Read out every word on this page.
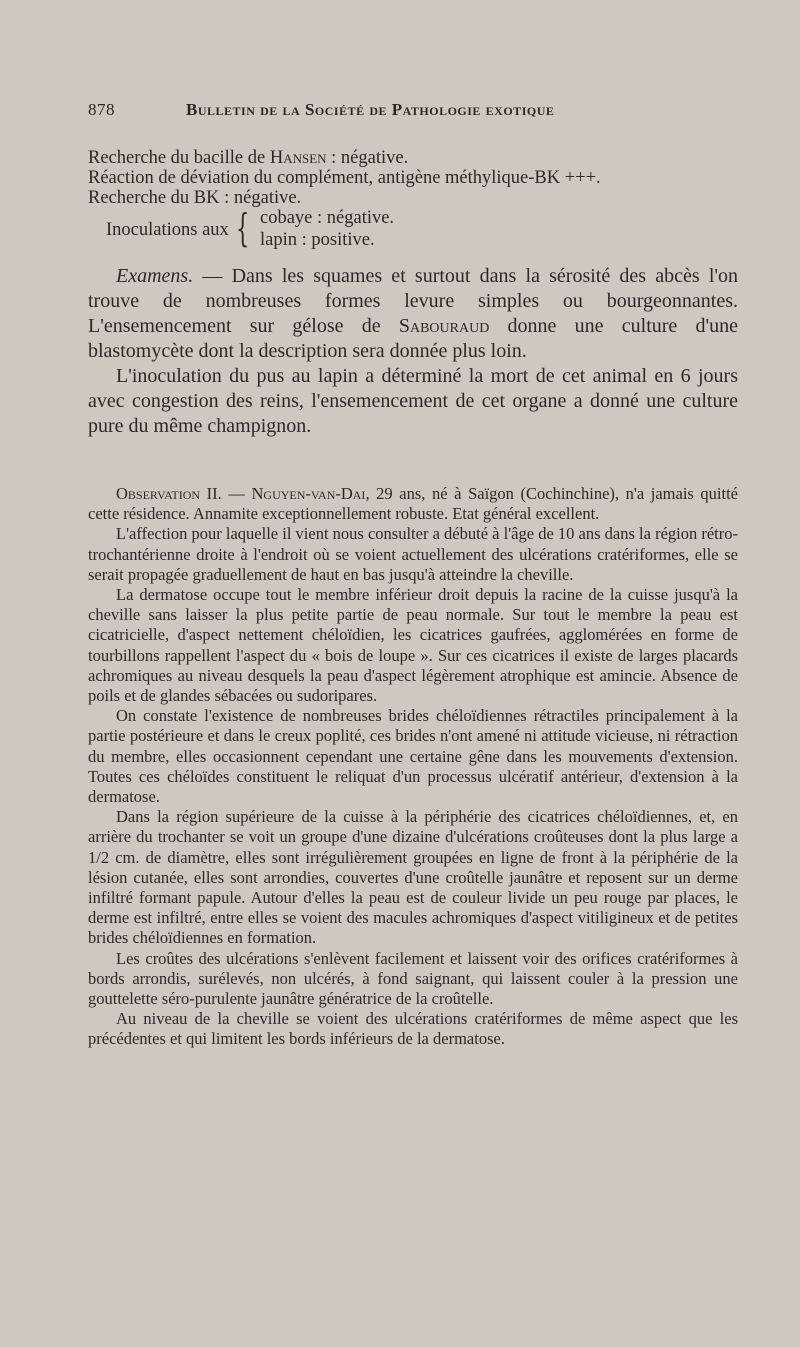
878	Bulletin de la Société de Pathologie exotique

Recherche du bacille de Hansen : négative.

Réaction de déviation du complément, antigène méthylique-BK +++.

Recherche du BK : négative.

Inoculations aux { cobaye : négative.
lapin : positive.

Examens. — Dans les squames et surtout dans la sérosité des abcès l'on trouve de nombreuses formes levure simples ou bourgeonnantes. L'ensemencement sur gélose de Sabouraud donne une culture d'une blastomycète dont la description sera donnée plus loin.

L'inoculation du pus au lapin a déterminé la mort de cet animal en 6 jours avec congestion des reins, l'ensemencement de cet organe a donné une culture pure du même champignon.

Observation II. — Nguyen-van-Dai, 29 ans, né à Saïgon (Cochinchine), n'a jamais quitté cette résidence. Annamite exceptionnellement robuste. Etat général excellent.

L'affection pour laquelle il vient nous consulter a débuté à l'âge de 10 ans dans la région rétro-trochantérienne droite à l'endroit où se voient actuellement des ulcérations cratériformes, elle se serait propagée graduellement de haut en bas jusqu'à atteindre la cheville.

La dermatose occupe tout le membre inférieur droit depuis la racine de la cuisse jusqu'à la cheville sans laisser la plus petite partie de peau normale. Sur tout le membre la peau est cicatricielle, d'aspect nettement chéloïdien, les cicatrices gaufrées, agglomérées en forme de tourbillons rappellent l'aspect du « bois de loupe ». Sur ces cicatrices il existe de larges placards achromiques au niveau desquels la peau d'aspect légèrement atrophique est amincie. Absence de poils et de glandes sébacées ou sudoripares.

On constate l'existence de nombreuses brides chéloïdiennes rétractiles principalement à la partie postérieure et dans le creux poplité, ces brides n'ont amené ni attitude vicieuse, ni rétraction du membre, elles occasionnent cependant une certaine gêne dans les mouvements d'extension. Toutes ces chéloïdes constituent le reliquat d'un processus ulcératif antérieur, d'extension à la dermatose.

Dans la région supérieure de la cuisse à la périphérie des cicatrices chéloïdiennes, et, en arrière du trochanter se voit un groupe d'une dizaine d'ulcérations croûteuses dont la plus large a 1/2 cm. de diamètre, elles sont irrégulièrement groupées en ligne de front à la périphérie de la lésion cutanée, elles sont arrondies, couvertes d'une croûtelle jaunâtre et reposent sur un derme infiltré formant papule. Autour d'elles la peau est de couleur livide un peu rouge par places, le derme est infiltré, entre elles se voient des macules achromiques d'aspect vitiligineux et de petites brides chéloïdiennes en formation.

Les croûtes des ulcérations s'enlèvent facilement et laissent voir des orifices cratériformes à bords arrondis, surélevés, non ulcérés, à fond saignant, qui laissent couler à la pression une gouttelette séro-purulente jaunâtre génératrice de la croûtelle.

Au niveau de la cheville se voient des ulcérations cratériformes de même aspect que les précédentes et qui limitent les bords inférieurs de la dermatose.
